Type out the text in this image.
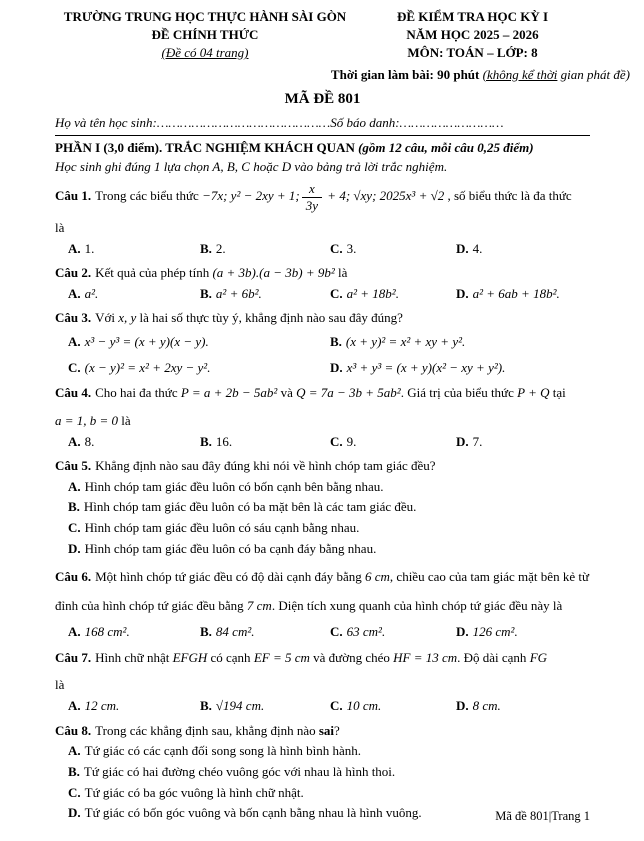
TRƯỜNG TRUNG HỌC THỰC HÀNH SÀI GÒN
ĐỀ CHÍNH THỨC
(Đề có 04 trang)
ĐỀ KIỂM TRA HỌC KỲ I
NĂM HỌC 2025 – 2026
MÔN: TOÁN – LỚP: 8
Thời gian làm bài: 90 phút (không kể thời gian phát đề)
MÃ ĐỀ 801
Họ và tên học sinh:………………………………………Số báo danh:………………………
PHẦN I (3,0 điểm). TRẮC NGHIỆM KHÁCH QUAN (gồm 12 câu, mỗi câu 0,25 điểm)
Học sinh ghi đúng 1 lựa chọn A, B, C hoặc D vào bảng trả lời trắc nghiệm.

Câu 1. Trong các biểu thức −7x; y² − 2xy + 1; $\frac{x}{3y} + 4$; √xy; 2025x³ + √2 , số biểu thức là đa thức

là

A. 1.	B. 2.	C. 3.	D. 4.

Câu 2. Kết quả của phép tính (a + 3b).(a − 3b) + 9b² là

A. a².	B. a² + 6b².	C. a² + 18b².	D. a² + 6ab + 18b².

Câu 3. Với x, y là hai số thực tùy ý, khẳng định nào sau đây đúng?

A. x³ − y³ = (x + y)(x − y).	B. (x + y)² = x² + xy + y².
C. (x − y)² = x² + 2xy − y².	D. x³ + y³ = (x + y)(x² − xy + y²).

Câu 4. Cho hai đa thức P = a + 2b − 5ab² và Q = 7a − 3b + 5ab². Giá trị của biểu thức P + Q tại

a = 1, b = 0 là

A. 8.	B. 16.	C. 9.	D. 7.

Câu 5. Khẳng định nào sau đây đúng khi nói về hình chóp tam giác đều?

A. Hình chóp tam giác đều luôn có bốn cạnh bên bằng nhau.
B. Hình chóp tam giác đều luôn có ba mặt bên là các tam giác đều.
C. Hình chóp tam giác đều luôn có sáu cạnh bằng nhau.
D. Hình chóp tam giác đều luôn có ba cạnh đáy bằng nhau.

Câu 6. Một hình chóp tứ giác đều có độ dài cạnh đáy bằng 6 cm, chiều cao của tam giác mặt bên kẻ từ đỉnh của hình chóp tứ giác đều bằng 7 cm. Diện tích xung quanh của hình chóp tứ giác đều này là

A. 168 cm².	B. 84 cm².	C. 63 cm².	D. 126 cm².

Câu 7. Hình chữ nhật EFGH có cạnh EF = 5 cm và đường chéo HF = 13 cm. Độ dài cạnh FG

là

A. 12 cm.	B. √194 cm.	C. 10 cm.	D. 8 cm.

Câu 8. Trong các khẳng định sau, khẳng định nào sai?

A. Tứ giác có các cạnh đối song song là hình bình hành.
B. Tứ giác có hai đường chéo vuông góc với nhau là hình thoi.
C. Tứ giác có ba góc vuông là hình chữ nhật.
D. Tứ giác có bốn góc vuông và bốn cạnh bằng nhau là hình vuông.	Mã đề 801|Trang 1
